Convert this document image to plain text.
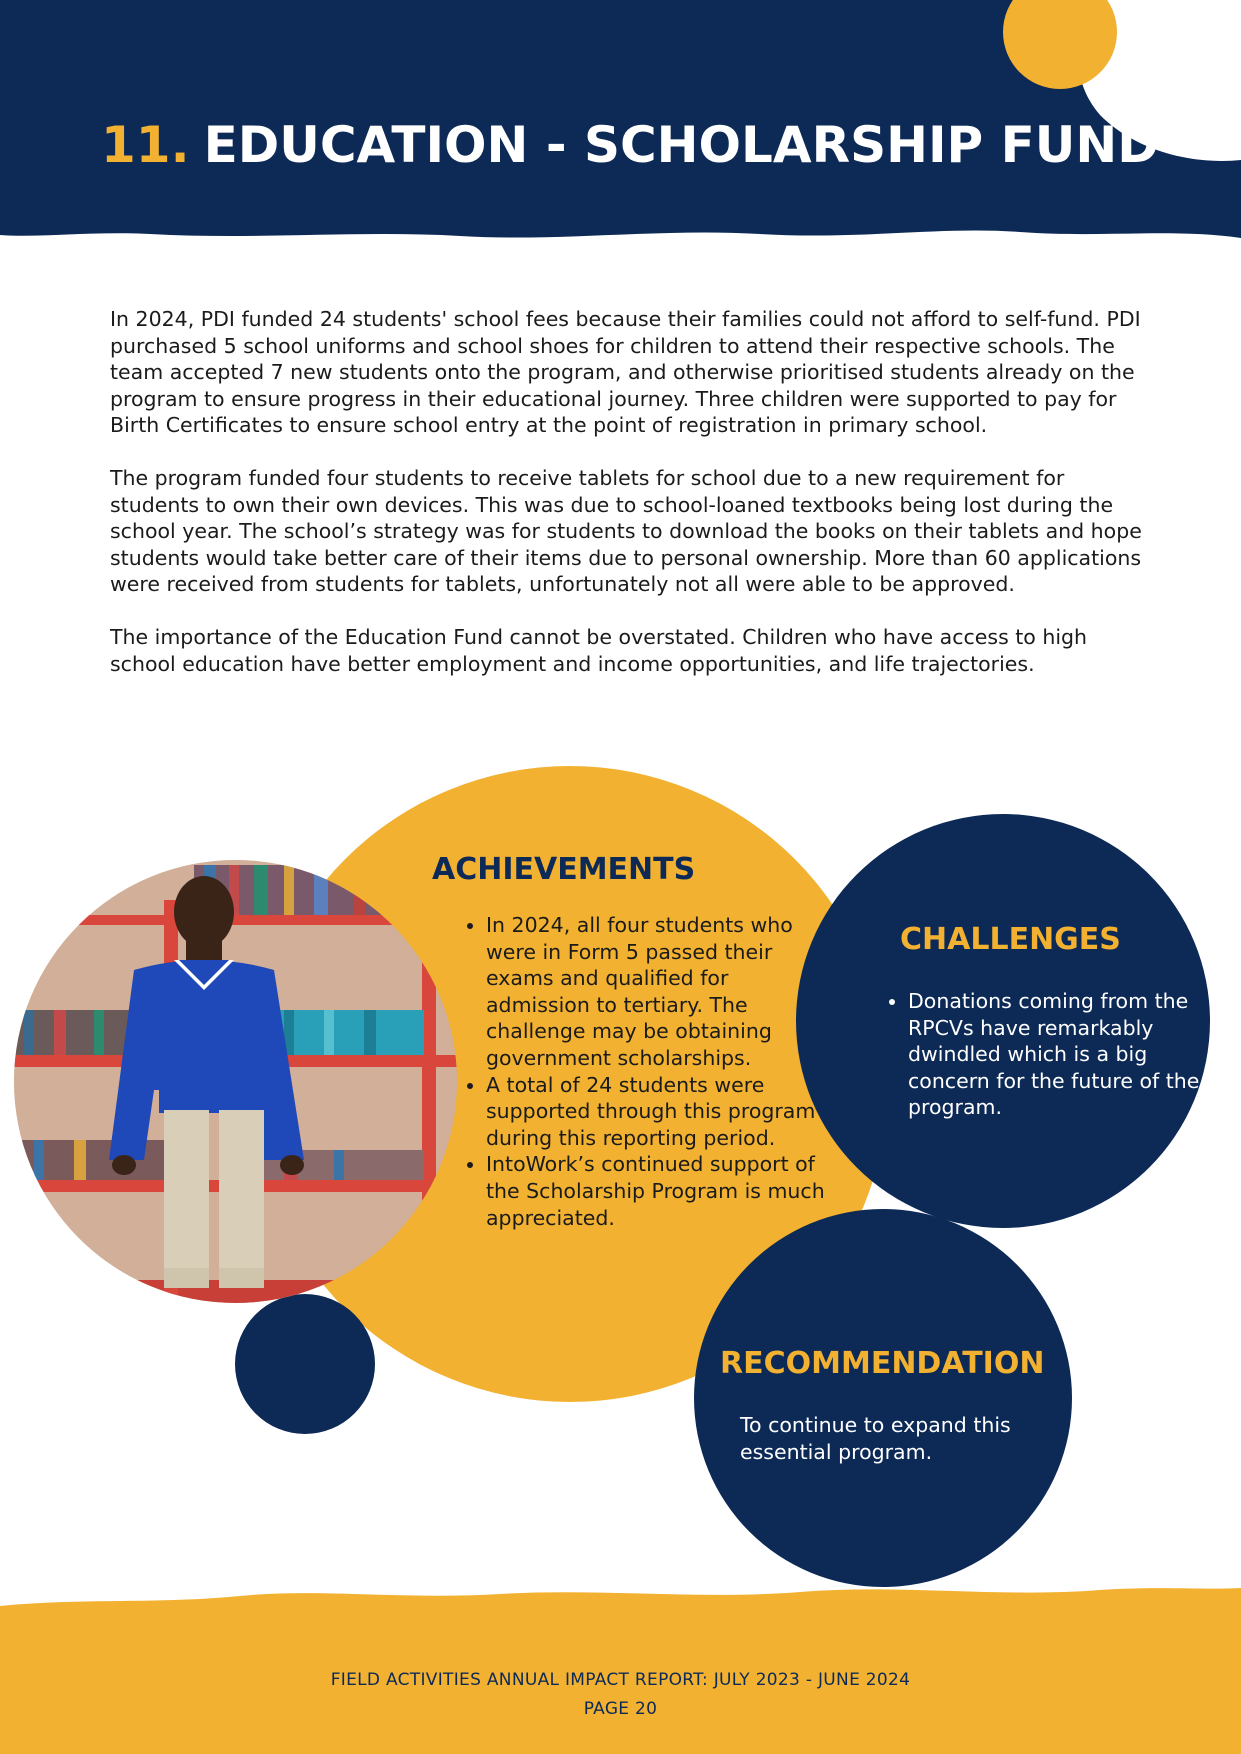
11. EDUCATION - SCHOLARSHIP FUND

In 2024, PDI funded 24 students' school fees because their families could not afford to self-fund. PDI purchased 5 school uniforms and school shoes for children to attend their respective schools. The team accepted 7 new students onto the program, and otherwise prioritised students already on the program to ensure progress in their educational journey. Three children were supported to pay for Birth Certificates to ensure school entry at the point of registration in primary school.

The program funded four students to receive tablets for school due to a new requirement for students to own their own devices. This was due to school-loaned textbooks being lost during the school year. The school’s strategy was for students to download the books on their tablets and hope students would take better care of their items due to personal ownership. More than 60 applications were received from students for tablets, unfortunately not all were able to be approved.

The importance of the Education Fund cannot be overstated. Children who have access to high school education have better employment and income opportunities, and life trajectories.

ACHIEVEMENTS
• In 2024, all four students who were in Form 5 passed their exams and qualified for admission to tertiary. The challenge may be obtaining government scholarships.
• A total of 24 students were supported through this program during this reporting period.
• IntoWork’s continued support of the Scholarship Program is much appreciated.
CHALLENGES
• Donations coming from the RPCVs have remarkably dwindled which is a big concern for the future of the program.
RECOMMENDATION

To continue to expand this essential program.

FIELD ACTIVITIES ANNUAL IMPACT REPORT: JULY 2023 - JUNE 2024
PAGE 20
